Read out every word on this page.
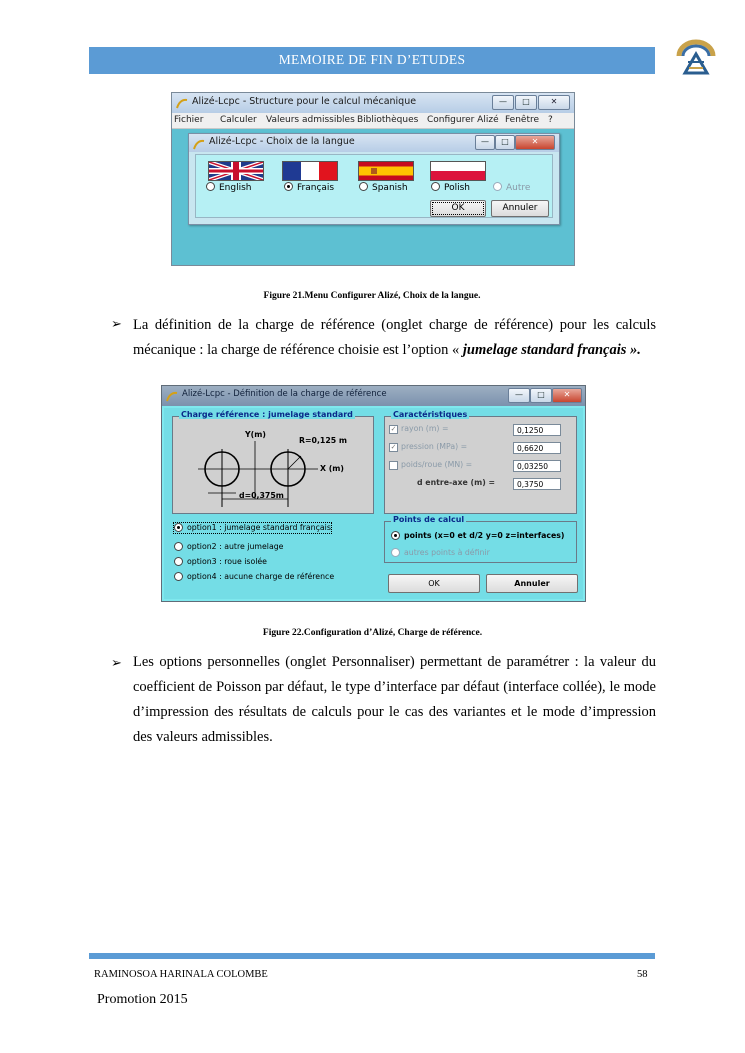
MEMOIRE DE FIN D’ETUDES
Alizé-Lcpc - Structure pour le calcul mécanique	—	□	✕
Fichier Calculer Valeurs admissibles Bibliothèques Configurer Alizé Fenêtre ?
Alizé-Lcpc - Choix de la langue	—	□	✕
English	Français	Spanish	Polish	Autre
OK	Annuler
Figure 21.Menu Configurer Alizé, Choix de la langue.
➢ La définition de la charge de référence (onglet charge de référence) pour les calculs mécanique : la charge de référence choisie est l’option « jumelage standard français ».
Alizé-Lcpc - Définition de la charge de référence	—	□	✕
Charge référence : jumelage standard
Y(m)
R=0,125 m
X (m)
d=0,375m
Caractéristiques
✓ rayon (m) =	0,1250
✓ pression (MPa) =	0,6620
poids/roue (MN) =	0,03250
d entre-axe (m) =	0,3750
option1 : jumelage standard français
option2 : autre jumelage
option3 : roue isolée
option4 : aucune charge de référence
Points de calcul
points (x=0 et d/2 y=0 z=interfaces)
autres points à définir
OK	Annuler
Figure 22.Configuration d’Alizé, Charge de référence.
➢ Les options personnelles (onglet Personnaliser) permettant de paramétrer : la valeur du coefficient de Poisson par défaut, le type d’interface par défaut (interface collée), le mode d’impression des résultats de calculs pour le cas des variantes et le mode d’impression des valeurs admissibles.
RAMINOSOA HARINALA COLOMBE	58
Promotion 2015
